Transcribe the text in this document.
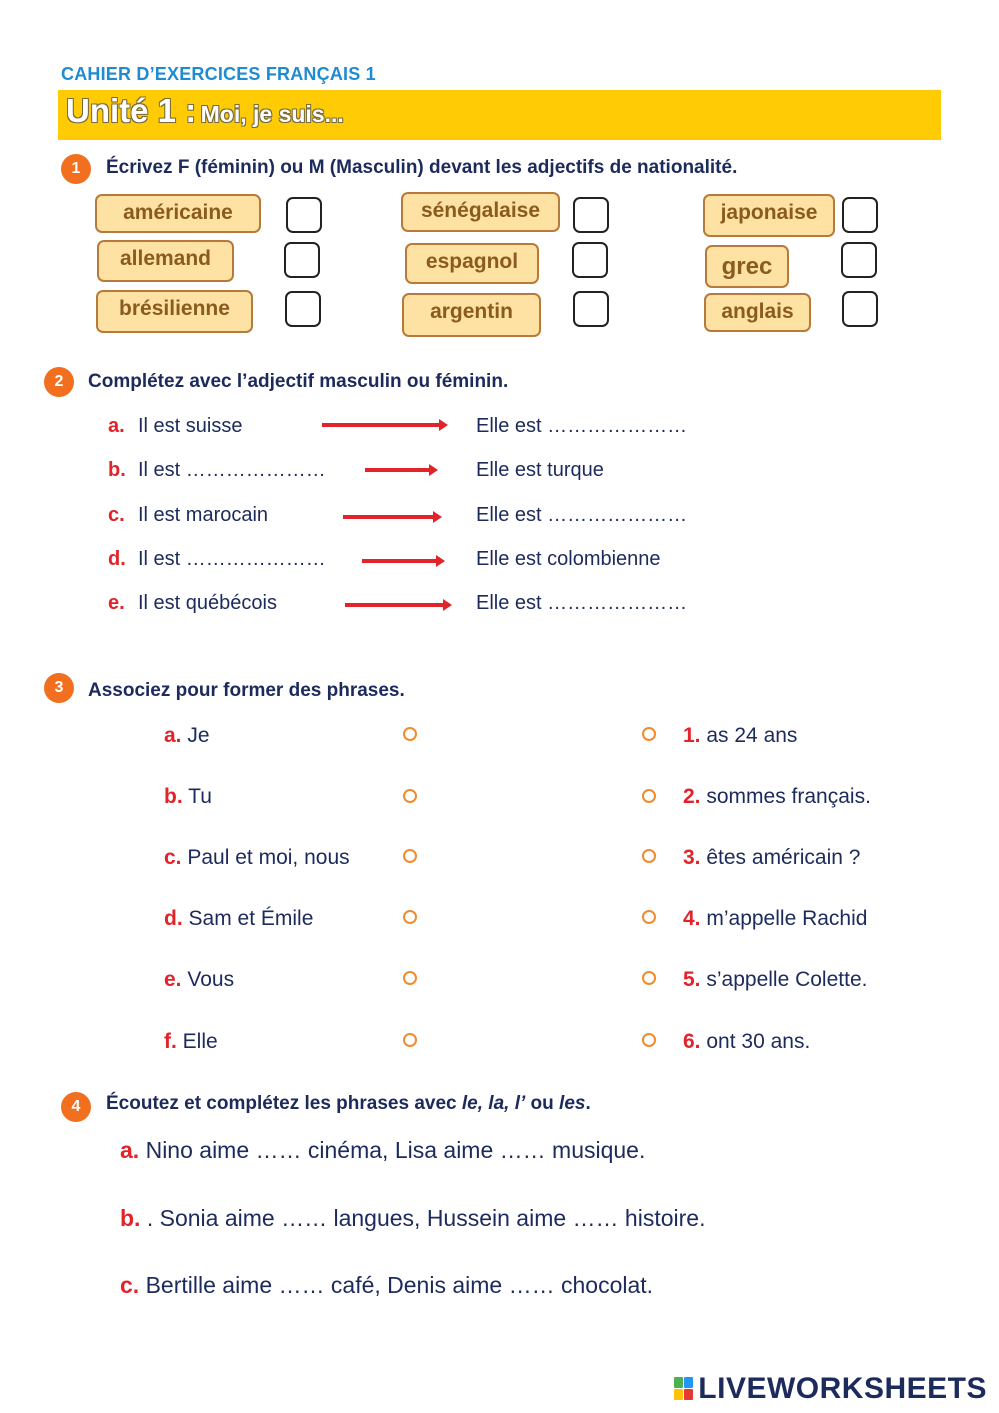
CAHIER D’EXERCICES FRANÇAIS 1
Unité 1 : Moi, je suis...
1	Écrivez F (féminin) ou M (Masculin) devant les adjectifs de nationalité.
américaine
allemand
brésilienne
sénégalaise
espagnol
argentin
japonaise
grec
anglais
2	Complétez avec l’adjectif masculin ou féminin.
a. Il est suisse	Elle est …………………
b. Il est …………………	Elle est turque
c. Il est marocain	Elle est …………………
d. Il est …………………	Elle est colombienne
e. Il est québécois	Elle est …………………
3	Associez pour former des phrases.
a. Je
b. Tu
c. Paul et moi, nous
d. Sam et Émile
e. Vous
f. Elle
1. as 24 ans
2. sommes français.
3. êtes américain ?
4. m’appelle Rachid
5. s’appelle Colette.
6. ont 30 ans.
4	Écoutez et complétez les phrases avec le, la, l’ ou les.
a. Nino aime …… cinéma, Lisa aime …… musique.
b. . Sonia aime …… langues, Hussein aime …… histoire.
c. Bertille aime …… café, Denis aime …… chocolat.
LIVEWORKSHEETS
